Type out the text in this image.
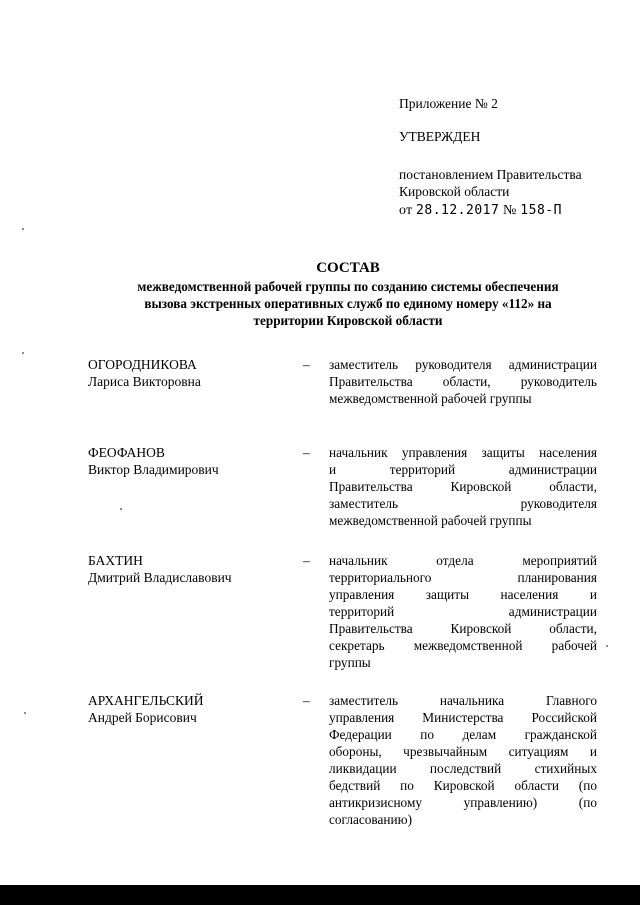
Приложение № 2
УТВЕРЖДЕН
постановлением Правительства
Кировской области
от 28.12.2017 № 158-П
СОСТАВ
межведомственной рабочей группы по созданию системы обеспечения
вызова экстренных оперативных служб по единому номеру «112» на
территории Кировской области
ОГОРОДНИКОВА
Лариса Викторовна
–	заместитель руководителя администрации
Правительства области, руководитель
межведомственной рабочей группы
ФЕОФАНОВ
Виктор Владимирович
–	начальник управления защиты населения
и территорий администрации
Правительства Кировской области,
заместитель руководителя
межведомственной рабочей группы
БАХТИН
Дмитрий Владиславович
–	начальник отдела мероприятий
территориального планирования
управления защиты населения и
территорий администрации
Правительства Кировской области,
секретарь межведомственной рабочей
группы
АРХАНГЕЛЬСКИЙ
Андрей Борисович
–	заместитель начальника Главного
управления Министерства Российской
Федерации по делам гражданской
обороны, чрезвычайным ситуациям и
ликвидации последствий стихийных
бедствий по Кировской области (по
антикризисному управлению) (по
согласованию)
